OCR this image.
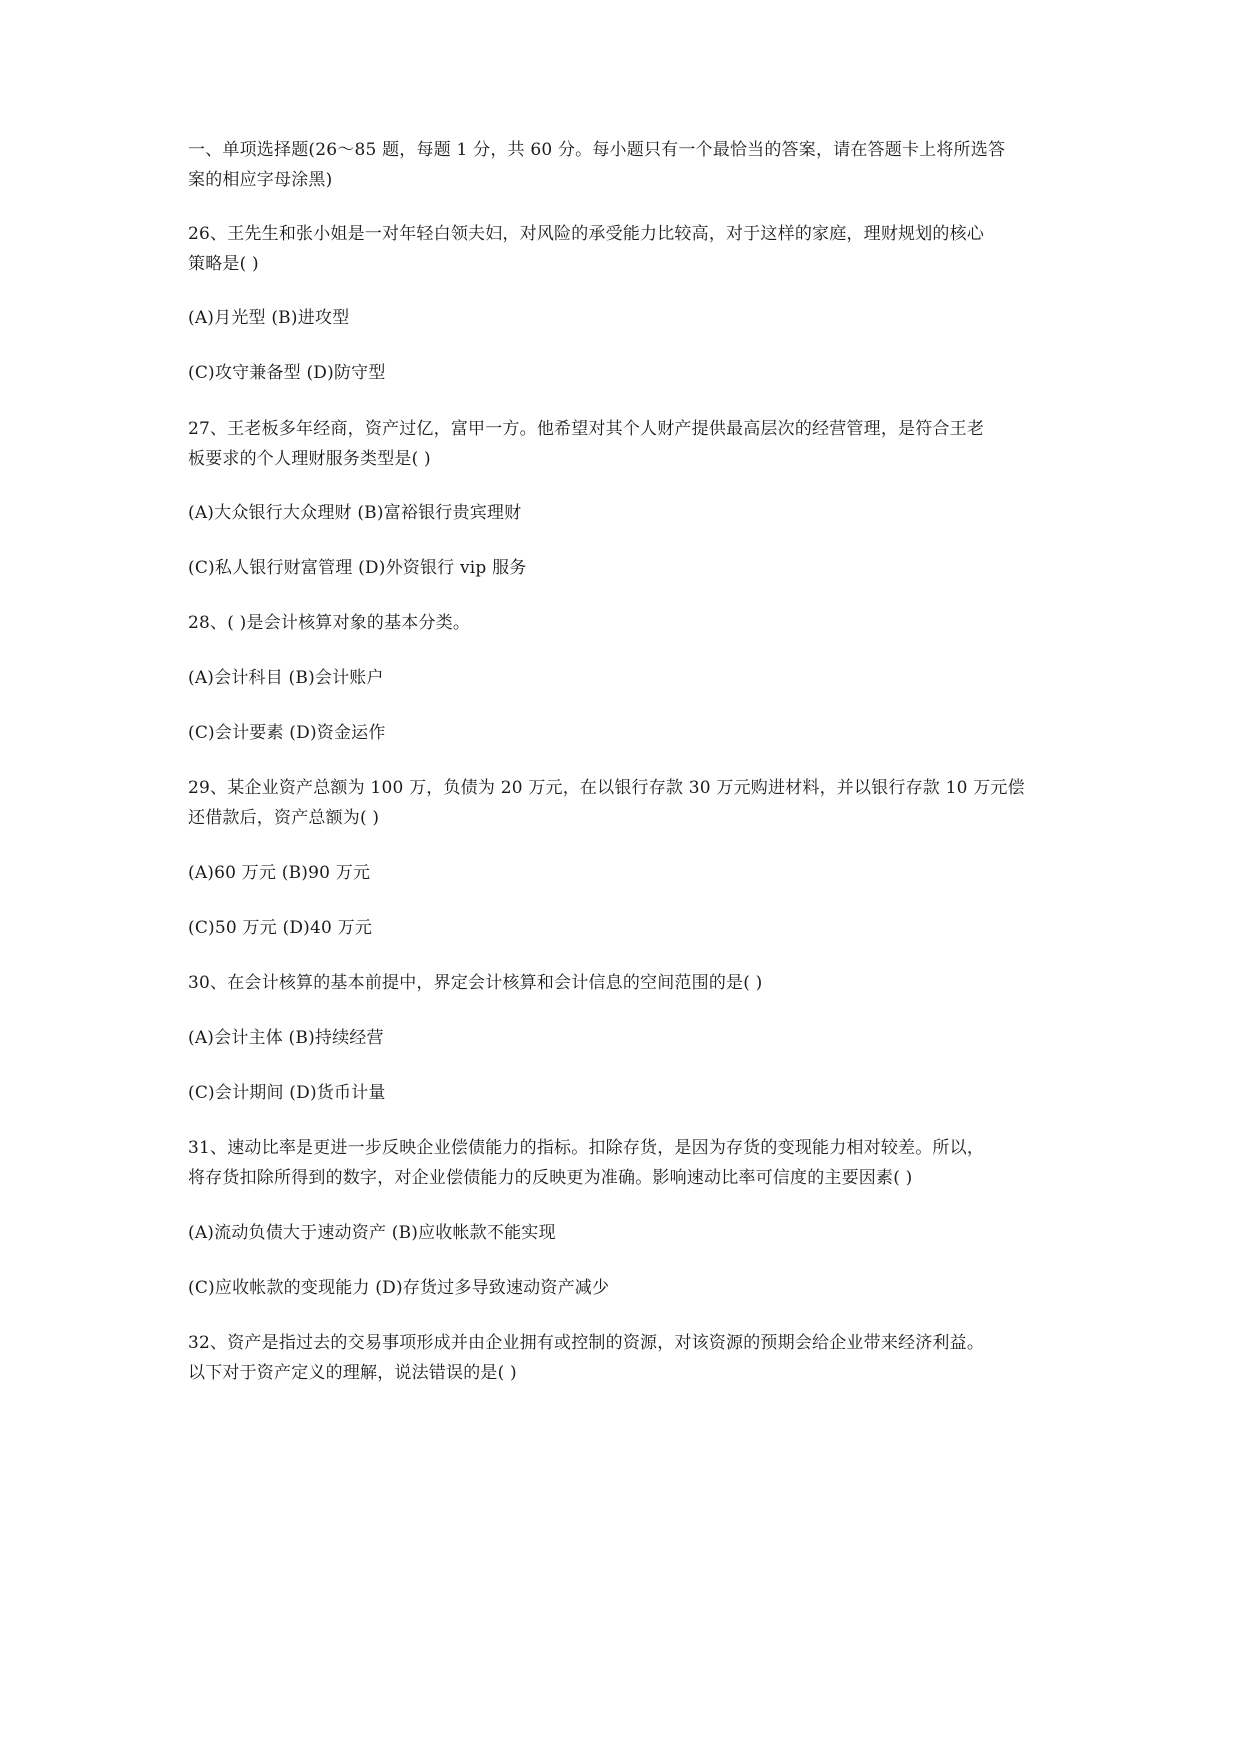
一、单项选择题(26～85 题，每题 1 分，共 60 分。每小题只有一个最恰当的答案，请在答题卡上将所选答
案的相应字母涂黑)
26、王先生和张小姐是一对年轻白领夫妇，对风险的承受能力比较高，对于这样的家庭，理财规划的核心
策略是( )
(A)月光型 (B)进攻型
(C)攻守兼备型 (D)防守型
27、王老板多年经商，资产过亿，富甲一方。他希望对其个人财产提供最高层次的经营管理，是符合王老
板要求的个人理财服务类型是( )
(A)大众银行大众理财 (B)富裕银行贵宾理财
(C)私人银行财富管理 (D)外资银行 vip 服务
28、( )是会计核算对象的基本分类。
(A)会计科目 (B)会计账户
(C)会计要素 (D)资金运作
29、某企业资产总额为 100 万，负债为 20 万元，在以银行存款 30 万元购进材料，并以银行存款 10 万元偿
还借款后，资产总额为( )
(A)60 万元 (B)90 万元
(C)50 万元 (D)40 万元
30、在会计核算的基本前提中，界定会计核算和会计信息的空间范围的是( )
(A)会计主体 (B)持续经营
(C)会计期间 (D)货币计量
31、速动比率是更进一步反映企业偿债能力的指标。扣除存货，是因为存货的变现能力相对较差。所以，
将存货扣除所得到的数字，对企业偿债能力的反映更为准确。影响速动比率可信度的主要因素( )
(A)流动负债大于速动资产 (B)应收帐款不能实现
(C)应收帐款的变现能力 (D)存货过多导致速动资产减少
32、资产是指过去的交易事项形成并由企业拥有或控制的资源，对该资源的预期会给企业带来经济利益。
以下对于资产定义的理解，说法错误的是( )
